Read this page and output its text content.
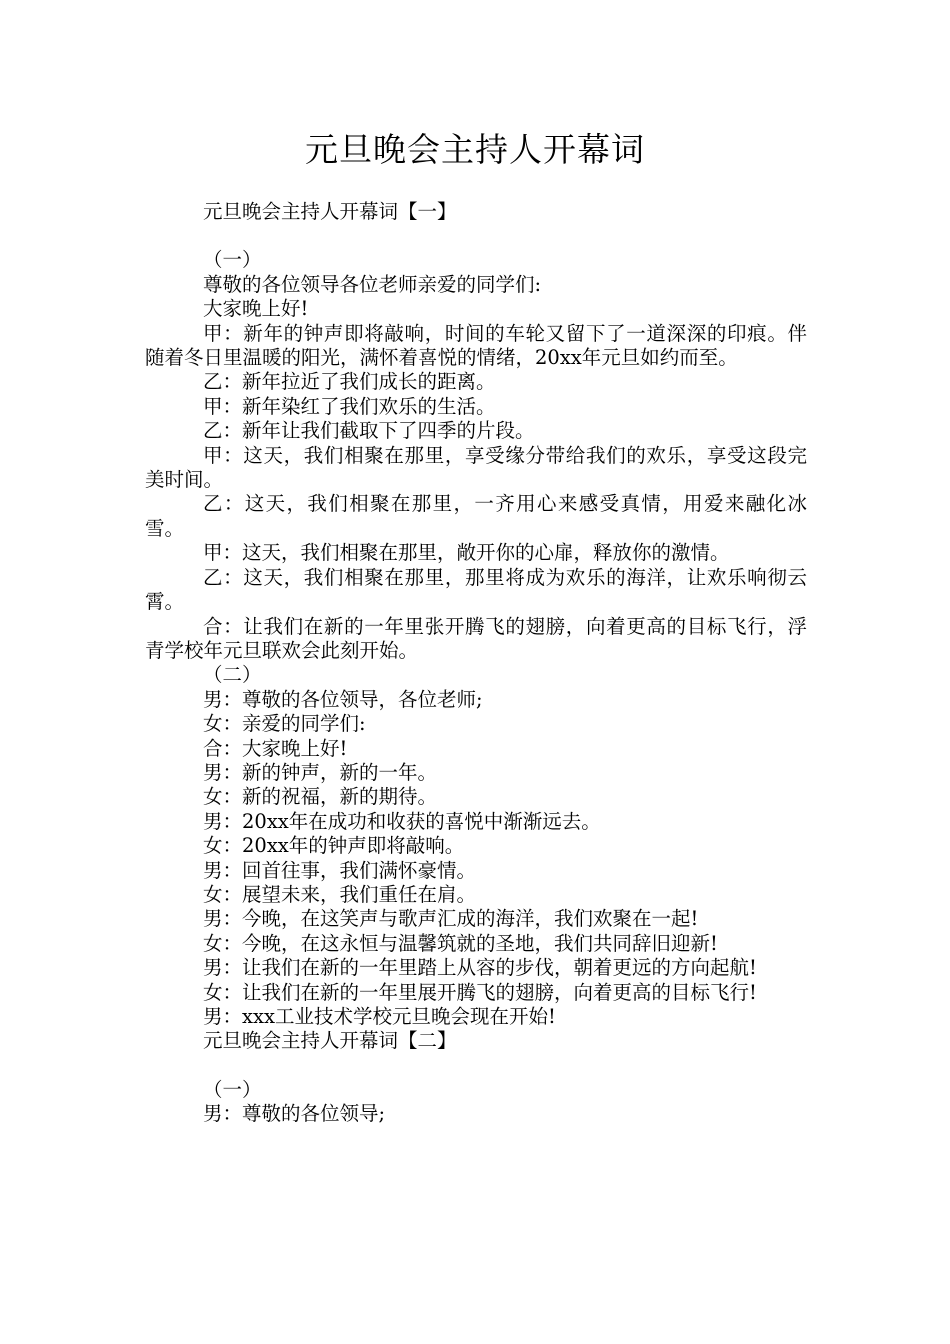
元旦晚会主持人开幕词

元旦晚会主持人开幕词【一】

（一）

尊敬的各位领导各位老师亲爱的同学们:

大家晚上好!

甲：新年的钟声即将敲响，时间的车轮又留下了一道深深的印痕。伴随着冬日里温暖的阳光，满怀着喜悦的情绪，20xx年元旦如约而至。

乙：新年拉近了我们成长的距离。

甲：新年染红了我们欢乐的生活。

乙：新年让我们截取下了四季的片段。

甲：这天，我们相聚在那里，享受缘分带给我们的欢乐，享受这段完美时间。

乙：这天，我们相聚在那里，一齐用心来感受真情，用爱来融化冰雪。

甲：这天，我们相聚在那里，敞开你的心扉，释放你的激情。

乙：这天，我们相聚在那里，那里将成为欢乐的海洋，让欢乐响彻云霄。

合：让我们在新的一年里张开腾飞的翅膀，向着更高的目标飞行，浮青学校年元旦联欢会此刻开始。

（二）

男：尊敬的各位领导，各位老师;

女：亲爱的同学们:

合：大家晚上好!

男：新的钟声，新的一年。

女：新的祝福，新的期待。

男：20xx年在成功和收获的喜悦中渐渐远去。

女：20xx年的钟声即将敲响。

男：回首往事，我们满怀豪情。

女：展望未来，我们重任在肩。

男：今晚，在这笑声与歌声汇成的海洋，我们欢聚在一起!

女：今晚，在这永恒与温馨筑就的圣地，我们共同辞旧迎新!

男：让我们在新的一年里踏上从容的步伐，朝着更远的方向起航!

女：让我们在新的一年里展开腾飞的翅膀，向着更高的目标飞行!

男：xxx工业技术学校元旦晚会现在开始!

元旦晚会主持人开幕词【二】

（一）

男：尊敬的各位领导;
